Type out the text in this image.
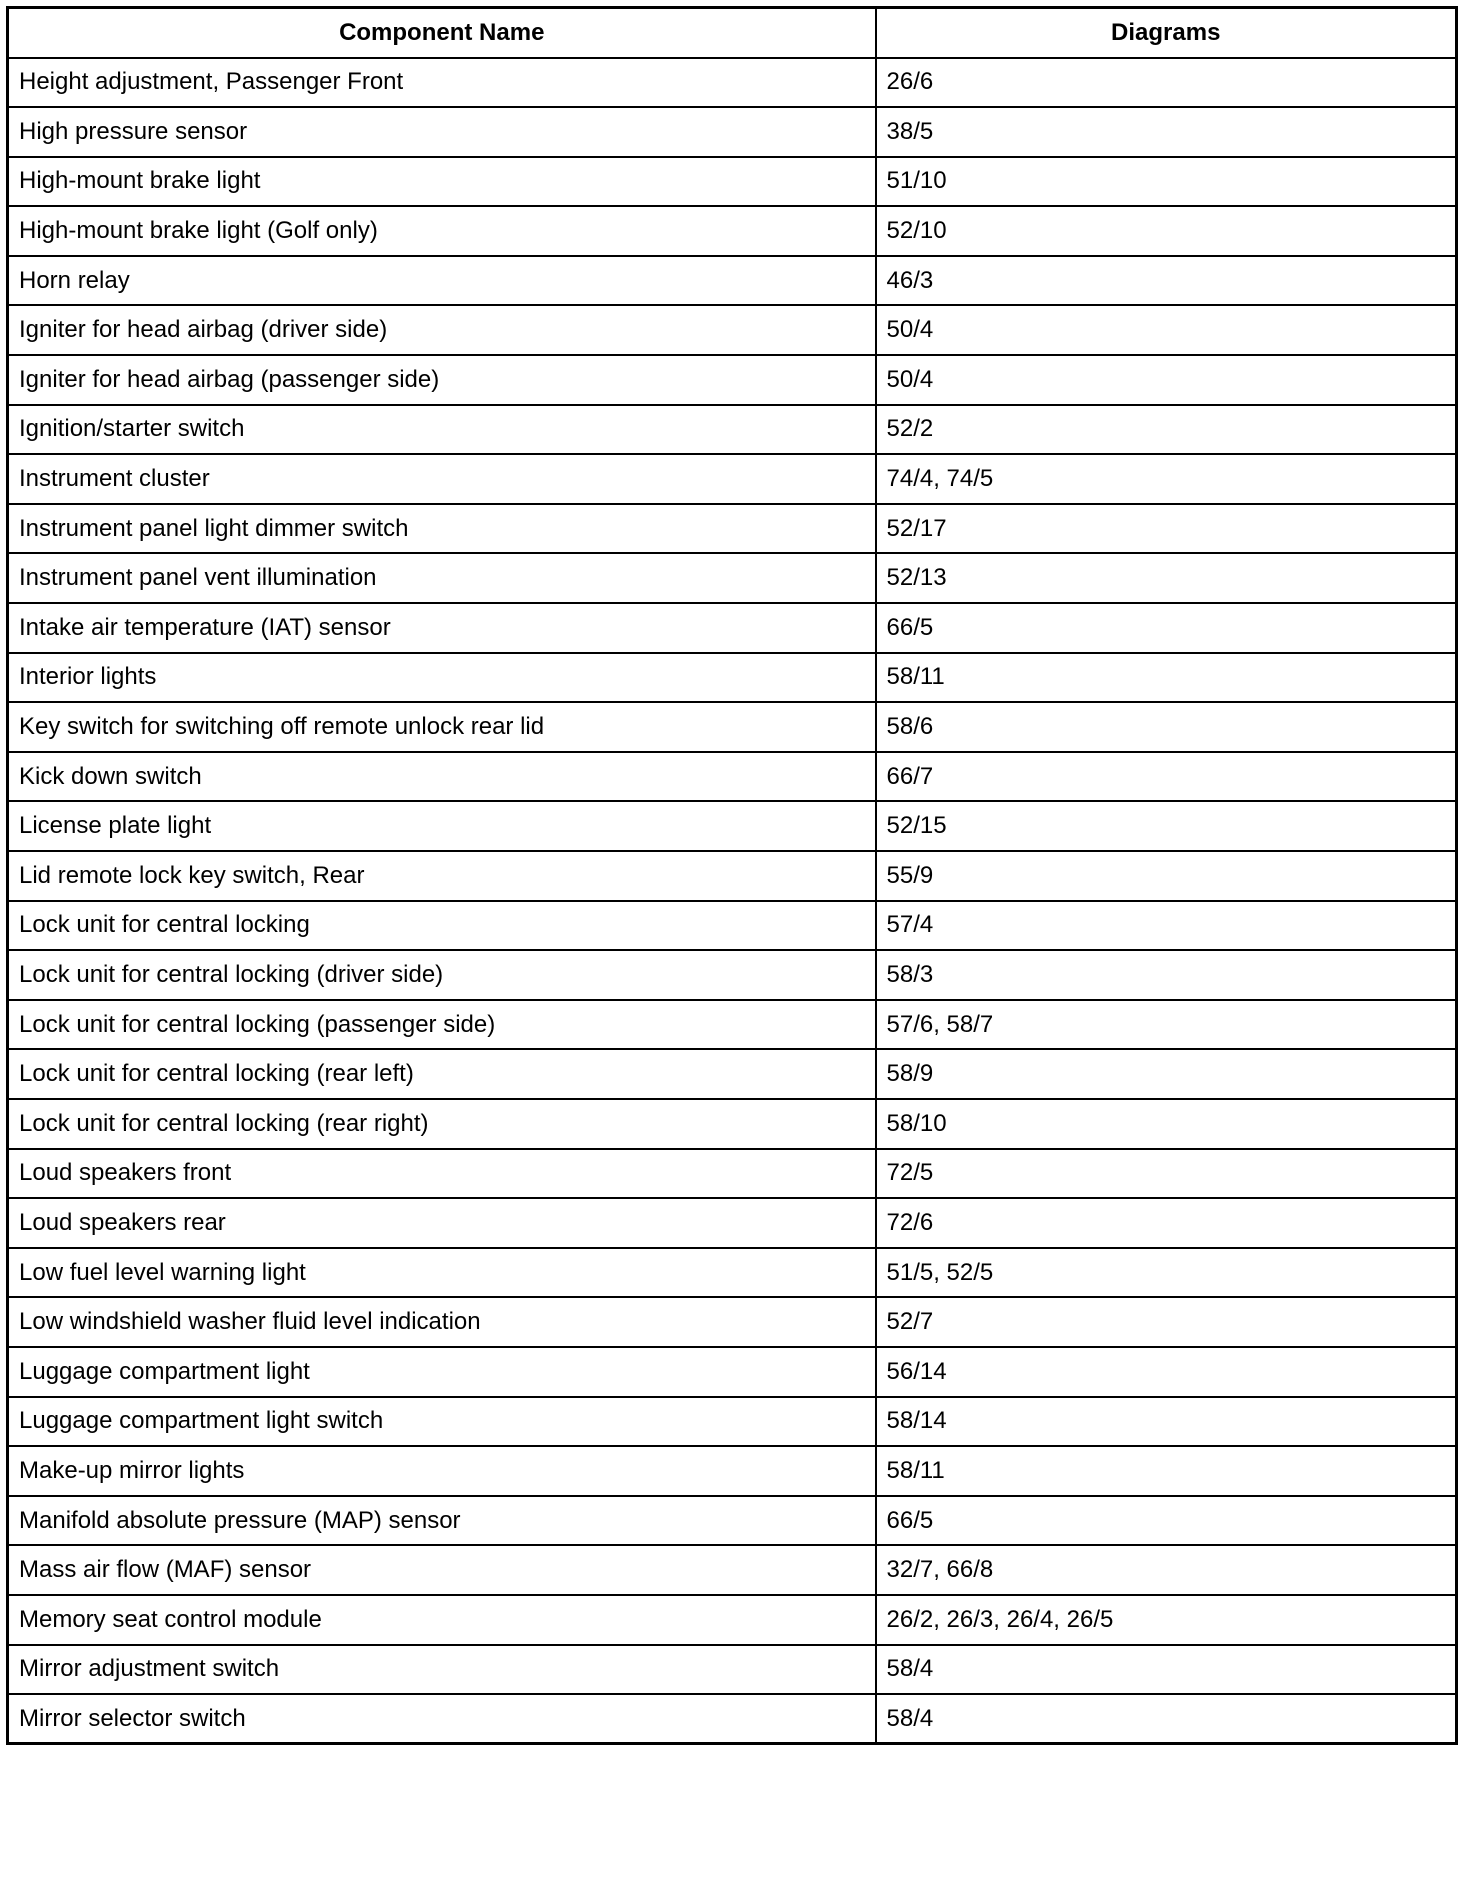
Component Name	Diagrams
Height adjustment, Passenger Front	26/6
High pressure sensor	38/5
High-mount brake light	51/10
High-mount brake light (Golf only)	52/10
Horn relay	46/3
Igniter for head airbag (driver side)	50/4
Igniter for head airbag (passenger side)	50/4
Ignition/starter switch	52/2
Instrument cluster	74/4, 74/5
Instrument panel light dimmer switch	52/17
Instrument panel vent illumination	52/13
Intake air temperature (IAT) sensor	66/5
Interior lights	58/11
Key switch for switching off remote unlock rear lid	58/6
Kick down switch	66/7
License plate light	52/15
Lid remote lock key switch, Rear	55/9
Lock unit for central locking	57/4
Lock unit for central locking (driver side)	58/3
Lock unit for central locking (passenger side)	57/6, 58/7
Lock unit for central locking (rear left)	58/9
Lock unit for central locking (rear right)	58/10
Loud speakers front	72/5
Loud speakers rear	72/6
Low fuel level warning light	51/5, 52/5
Low windshield washer fluid level indication	52/7
Luggage compartment light	56/14
Luggage compartment light switch	58/14
Make-up mirror lights	58/11
Manifold absolute pressure (MAP) sensor	66/5
Mass air flow (MAF) sensor	32/7, 66/8
Memory seat control module	26/2, 26/3, 26/4, 26/5
Mirror adjustment switch	58/4
Mirror selector switch	58/4
